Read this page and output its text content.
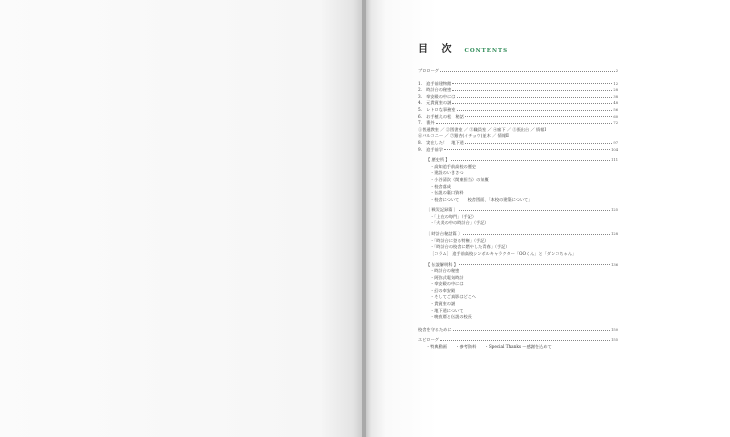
目 次 CONTENTS
プロローグ	2
1.　追手前建物館	12
2.　時計台の秘密	28
3.　奉安殿の中には	38
4.　元貴賓室の謎	48
5.　レトロな事務室	56
6.　お手植えの松　秘話	60
7.　番外	72
①普通教室 ／ ②図書室 ／ ③職員室 ／ ④廊下 ／ ⑤張出台 ／ 情報Ⅰ
⑥バルコニー ／ ⑦銀杏(イチョウ)並木 ／ 情報Ⅱ
8.　実在した！　地下道	97
9.　追手前学	104
【 歴史所 】	111
・高知追手前高校の歴史
・建設のいきさつ
・小谷清次（関東担当）の気概
・校舎落成
・伝説の裏口資料
・校舎について　　校舎図面、「本校の建築について」
〔 戦災記録篇 〕	125
・「上在の毎門」（手記）
・「火炎の中の時計台」（手記）
〔 時計台秘話篇 〕	128
・「時計台に登る特権」（手記）
・「時計台の校舎に燃やした青春」（手記）
［コラム］ 追手前高校シンボルキャラクター「OOくん」と「ダンコちゃん」
【 伝説解明科 】	136
・時計台の秘密
・阿弥式電気時計
・奉安殿の中には
・幻の奉安殿
・そしてご真影はどこへ
・貴賓室の謎
・地下道について
・晩夜暦と伝説の校長
校舎を守るために	150
エピローグ	155
・特典動画　　・参考資料　　・Special Thanks ～感謝を込めて
